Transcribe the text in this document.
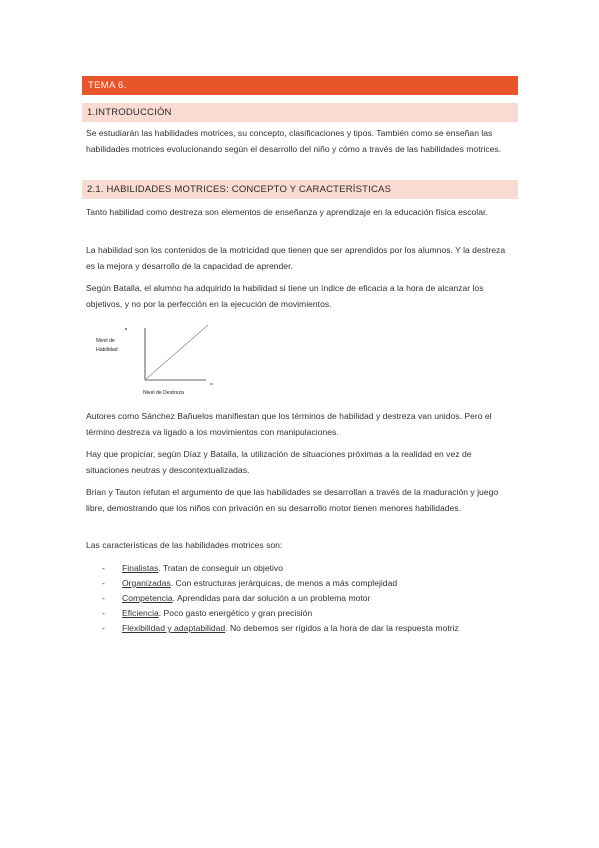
TEMA 6.
1.INTRODUCCIÓN

Se estudiarán las habilidades motrices, su concepto, clasificaciones y tipos. También como se enseñan las habilidades motrices evolucionando según el desarrollo del niño y cómo a través de las habilidades motrices.

2.1. HABILIDADES MOTRICES: CONCEPTO Y CARACTERÍSTICAS

Tanto habilidad como destreza son elementos de enseñanza y aprendizaje en la educación física escolar.

La habilidad son los contenidos de la motricidad que tienen que ser aprendidos por los alumnos. Y la destreza es la mejora y desarrollo de la capacidad de aprender.

Según Batalla, el alumno ha adquirido la habilidad si tiene un índice de eficacia a la hora de alcanzar los objetivos, y no por la perfección en la ejecución de movimientos.

Nivel de
Habilidad
Nivel de Destreza

Autores como Sánchez Bañuelos manifiestan que los términos de habilidad y destreza van unidos. Pero el término destreza va ligado a los movimientos con manipulaciones.

Hay que propiciar, según Díaz y Batalla, la utilización de situaciones próximas a la realidad en vez de situaciones neutras y descontextualizadas.

Brian y Tauton refutan el argumento de que las habilidades se desarrollan a través de la maduración y juego libre, demostrando que los niños con privación en su desarrollo motor tienen menores habilidades.

Las características de las habilidades motrices son:

- Finalistas. Tratan de conseguir un objetivo
- Organizadas. Con estructuras jerárquicas, de menos a más complejidad
- Competencia. Aprendidas para dar solución a un problema motor
- Eficiencia. Poco gasto energético y gran precisión
- Flexibilidad y adaptabilidad. No debemos ser rígidos a la hora de dar la respuesta motriz
